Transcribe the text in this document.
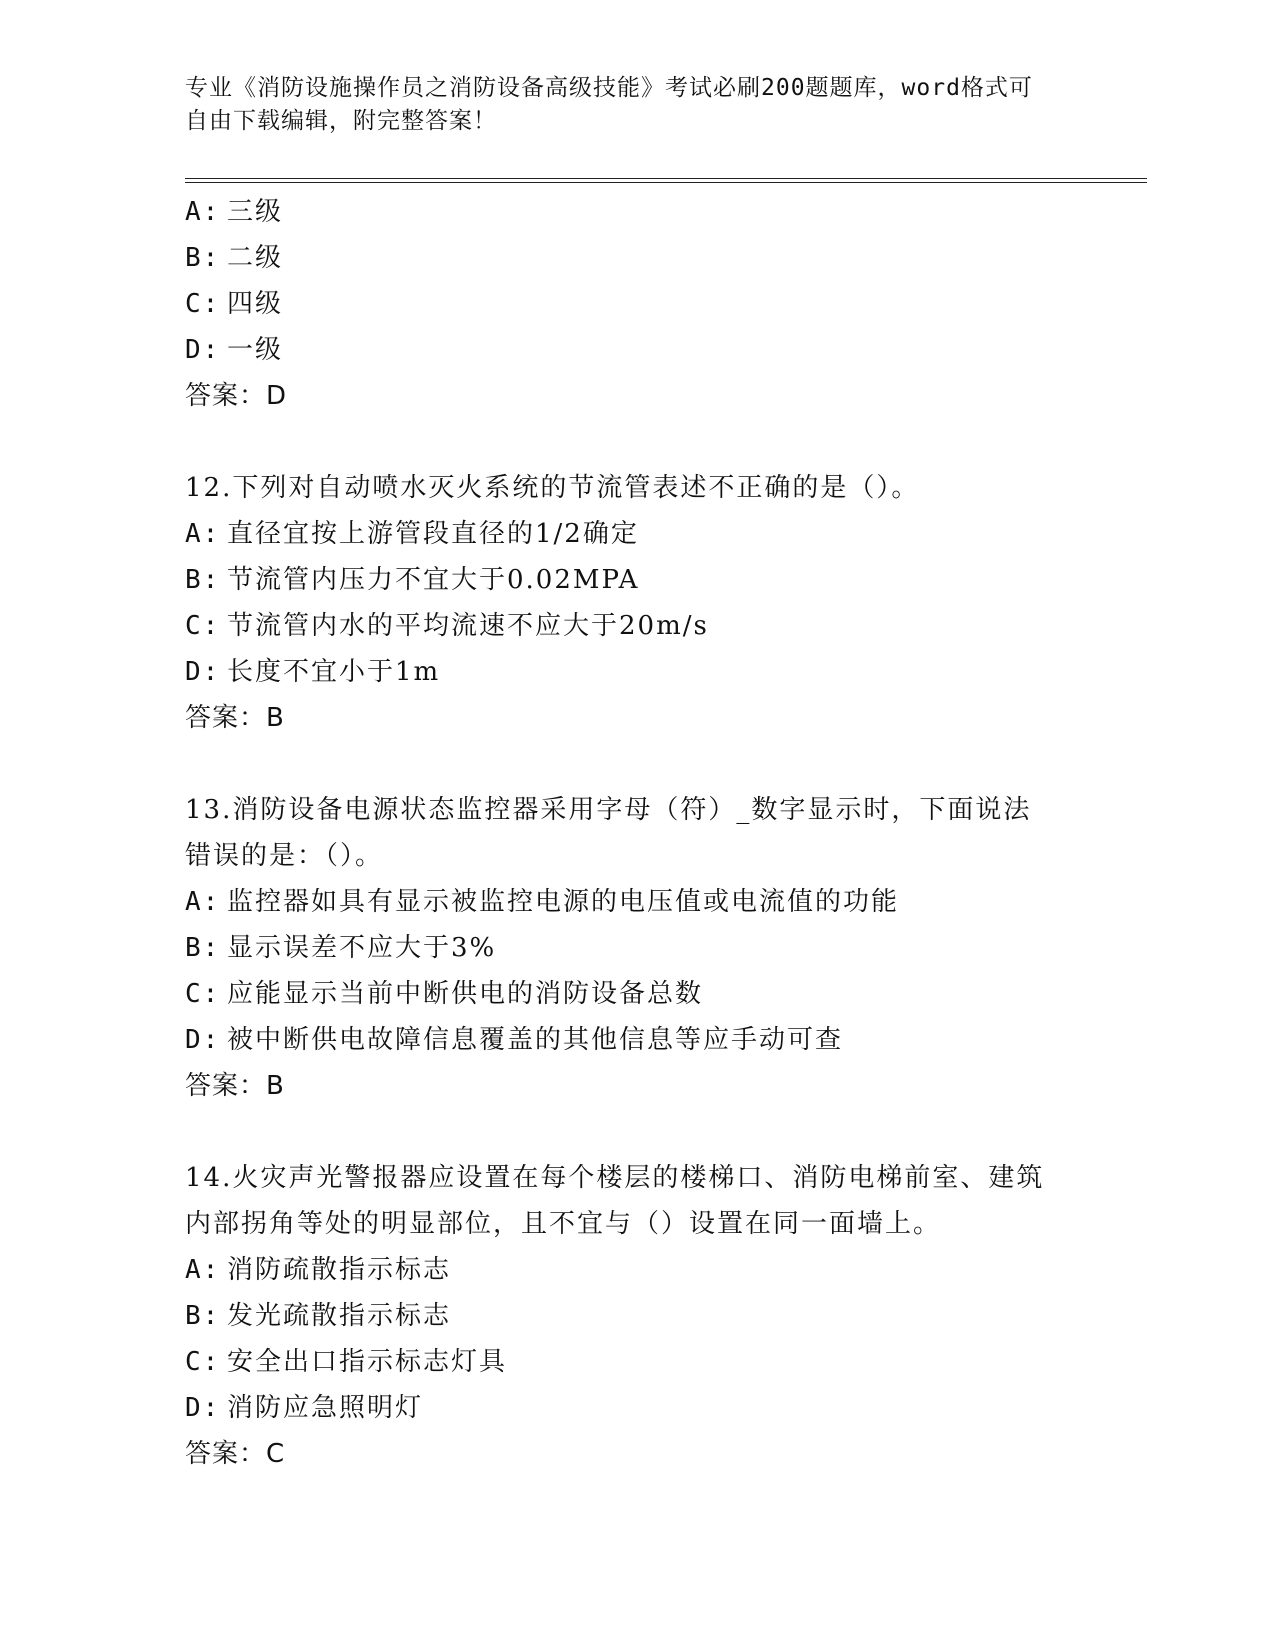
专业《消防设施操作员之消防设备高级技能》考试必刷200题题库，word格式可
自由下载编辑，附完整答案！
A: 三级
B: 二级
C: 四级
D: 一级
答案：D
12.下列对自动喷水灭火系统的节流管表述不正确的是（）。
A: 直径宜按上游管段直径的1/2确定
B: 节流管内压力不宜大于0.02MPA
C: 节流管内水的平均流速不应大于20m/s
D: 长度不宜小于1m
答案：B
13.消防设备电源状态监控器采用字母（符）_数字显示时，下面说法
错误的是：（）。
A: 监控器如具有显示被监控电源的电压值或电流值的功能
B: 显示误差不应大于3%
C: 应能显示当前中断供电的消防设备总数
D: 被中断供电故障信息覆盖的其他信息等应手动可查
答案：B
14.火灾声光警报器应设置在每个楼层的楼梯口、消防电梯前室、建筑
内部拐角等处的明显部位，且不宜与（）设置在同一面墙上。
A: 消防疏散指示标志
B: 发光疏散指示标志
C: 安全出口指示标志灯具
D: 消防应急照明灯
答案：C
